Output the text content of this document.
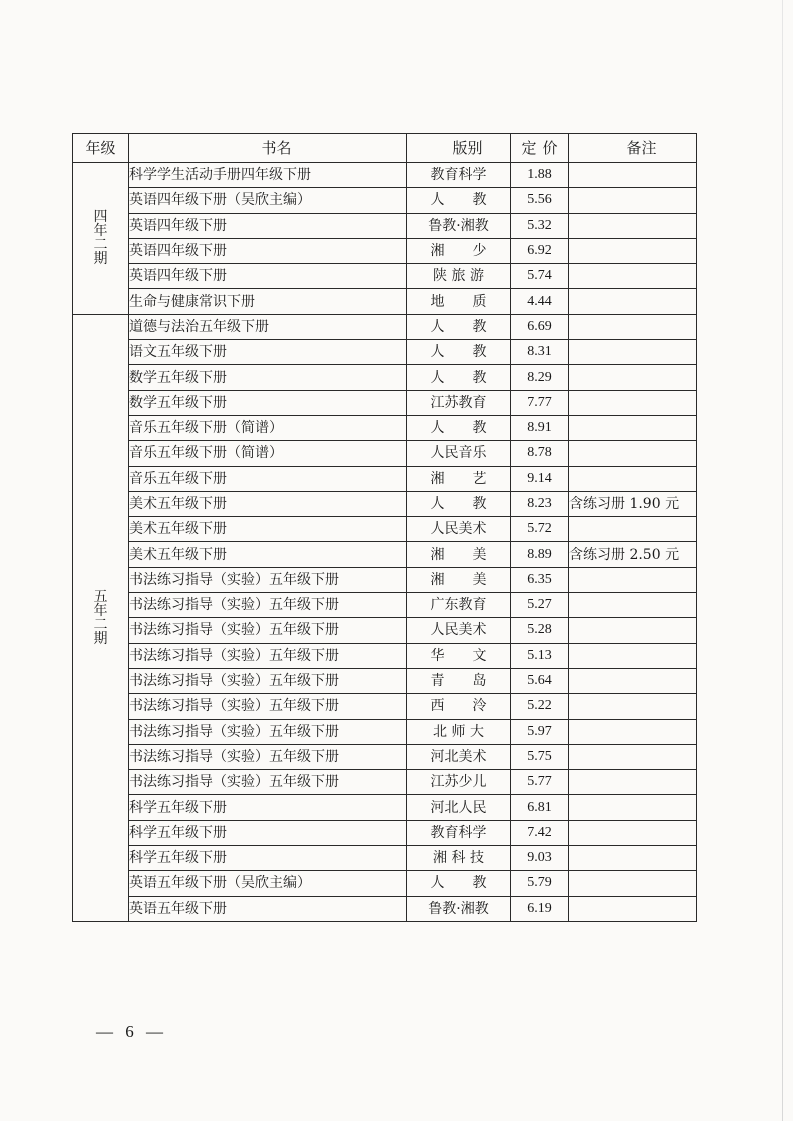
年级	书名	版别	定价	备注

四
年
二
期	科学学生活动手册四年级下册	教育科学	1.88	
	英语四年级下册（吴欣主编）	人　　教	5.56	
	英语四年级下册	鲁教·湘教	5.32	
	英语四年级下册	湘　　少	6.92	
	英语四年级下册	陕 旅 游	5.74	
	生命与健康常识下册	地　　质	4.44	

五
年
二
期	道德与法治五年级下册	人　　教	6.69	
	语文五年级下册	人　　教	8.31	
	数学五年级下册	人　　教	8.29	
	数学五年级下册	江苏教育	7.77	
	音乐五年级下册（简谱）	人　　教	8.91	
	音乐五年级下册（简谱）	人民音乐	8.78	
	音乐五年级下册	湘　　艺	9.14	
	美术五年级下册	人　　教	8.23	含练习册 1.90 元
	美术五年级下册	人民美术	5.72	
	美术五年级下册	湘　　美	8.89	含练习册 2.50 元
	书法练习指导（实验）五年级下册	湘　　美	6.35	
	书法练习指导（实验）五年级下册	广东教育	5.27	
	书法练习指导（实验）五年级下册	人民美术	5.28	
	书法练习指导（实验）五年级下册	华　　文	5.13	
	书法练习指导（实验）五年级下册	青　　岛	5.64	
	书法练习指导（实验）五年级下册	西　　泠	5.22	
	书法练习指导（实验）五年级下册	北 师 大	5.97	
	书法练习指导（实验）五年级下册	河北美术	5.75	
	书法练习指导（实验）五年级下册	江苏少儿	5.77	
	科学五年级下册	河北人民	6.81	
	科学五年级下册	教育科学	7.42	
	科学五年级下册	湘 科 技	9.03	
	英语五年级下册（吴欣主编）	人　　教	5.79	
	英语五年级下册	鲁教·湘教	6.19	
— 6 —
